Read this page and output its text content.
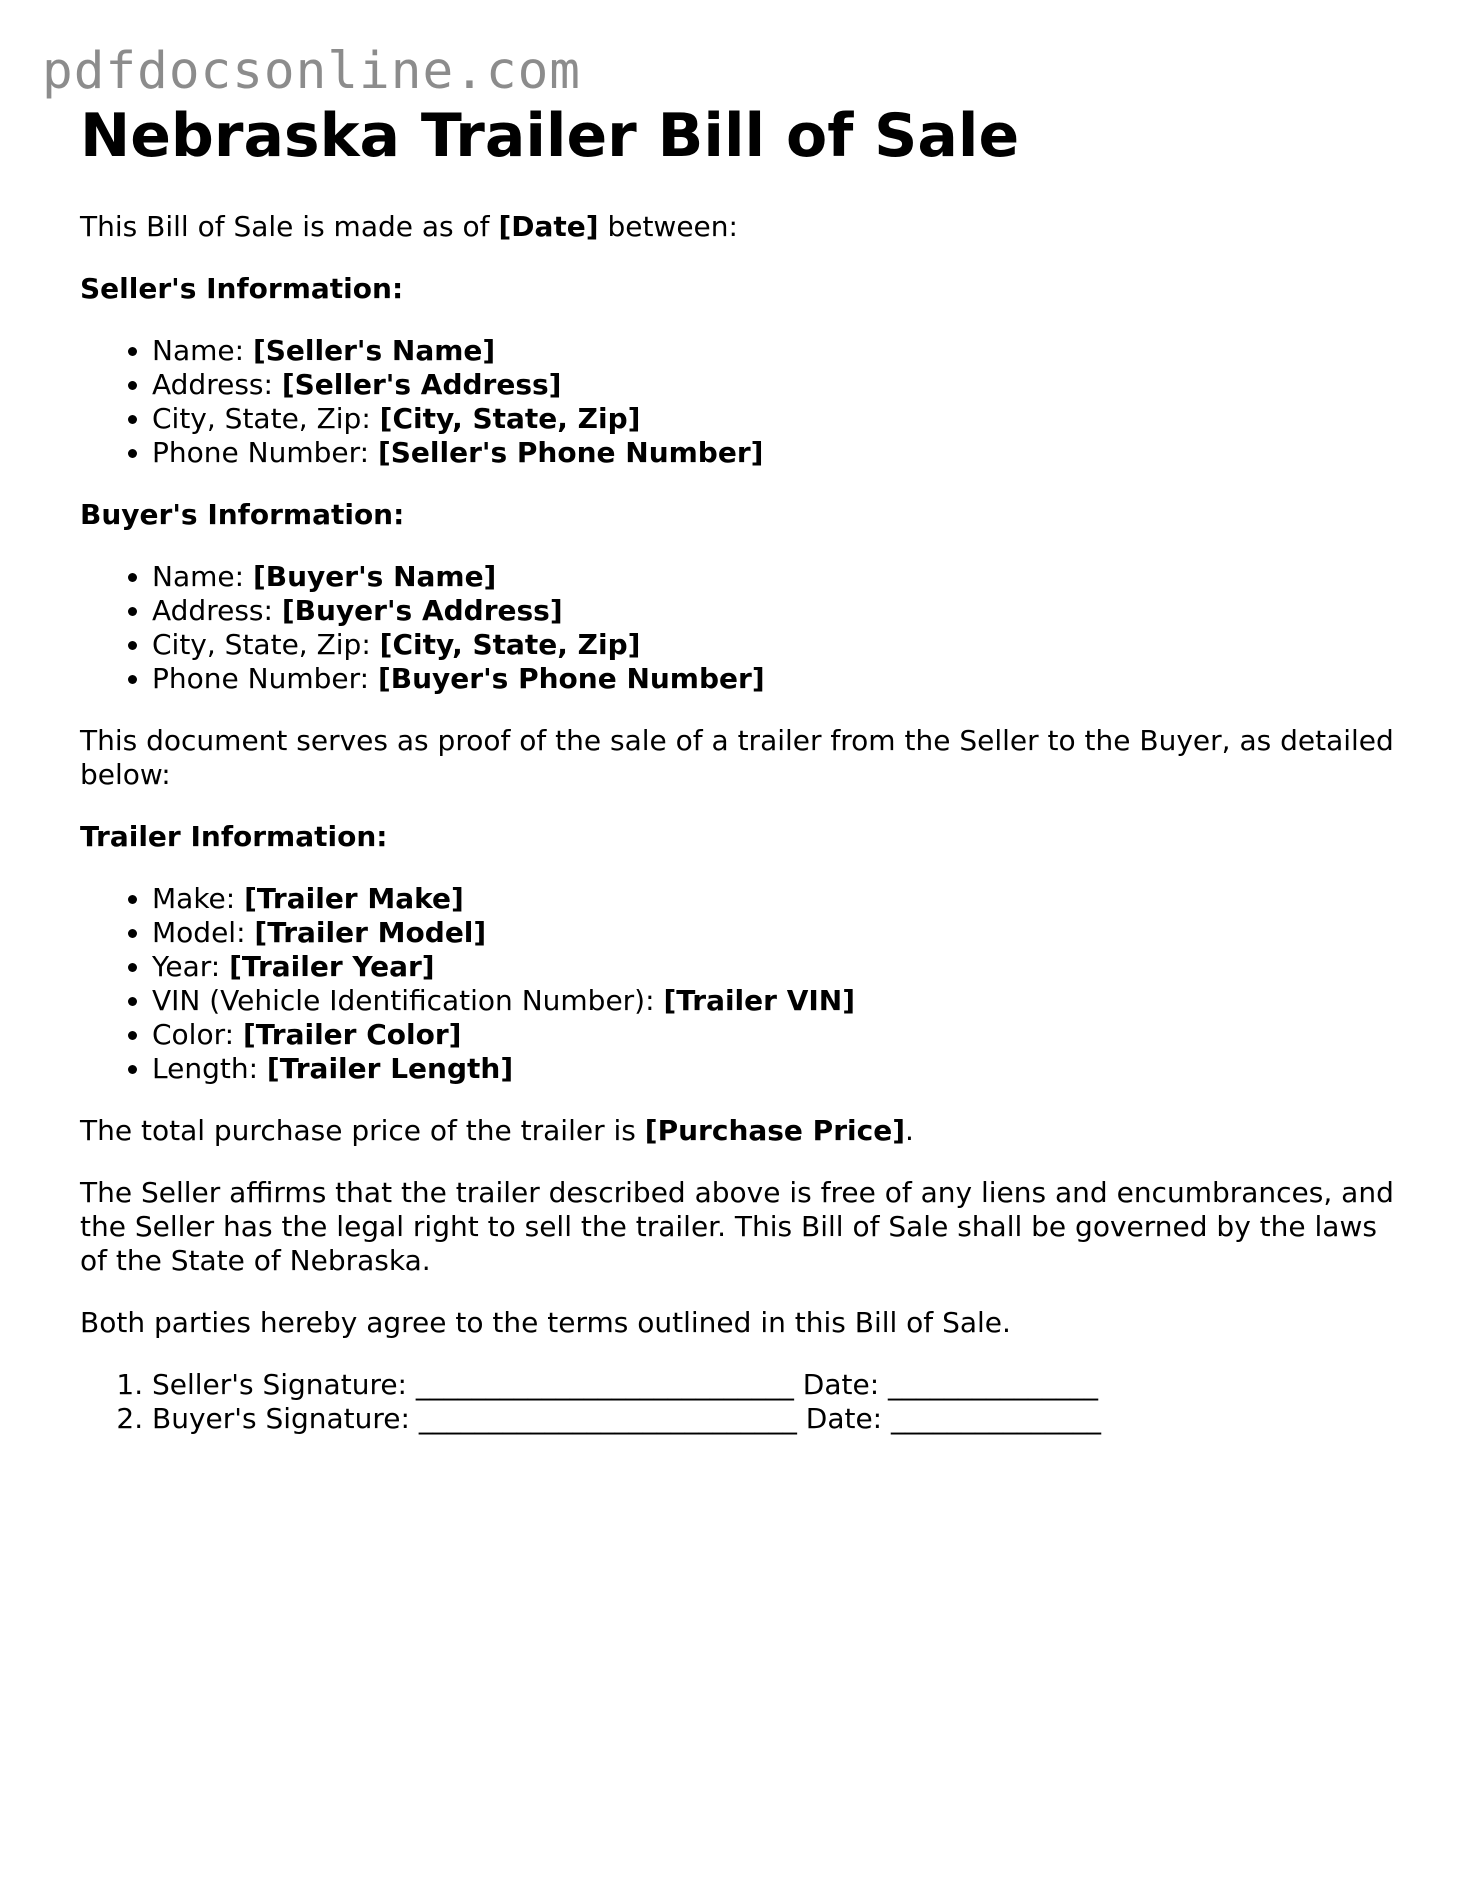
pdfdocsonline.com
Nebraska Trailer Bill of Sale

This Bill of Sale is made as of [Date] between:

Seller's Information:

• Name: [Seller's Name]
• Address: [Seller's Address]
• City, State, Zip: [City, State, Zip]
• Phone Number: [Seller's Phone Number]

Buyer's Information:

• Name: [Buyer's Name]
• Address: [Buyer's Address]
• City, State, Zip: [City, State, Zip]
• Phone Number: [Buyer's Phone Number]

This document serves as proof of the sale of a trailer from the Seller to the Buyer, as detailed below:

Trailer Information:

• Make: [Trailer Make]
• Model: [Trailer Model]
• Year: [Trailer Year]
• VIN (Vehicle Identification Number): [Trailer VIN]
• Color: [Trailer Color]
• Length: [Trailer Length]

The total purchase price of the trailer is [Purchase Price].

The Seller affirms that the trailer described above is free of any liens and encumbrances, and the Seller has the legal right to sell the trailer. This Bill of Sale shall be governed by the laws of the State of Nebraska.

Both parties hereby agree to the terms outlined in this Bill of Sale.

1. Seller's Signature: ___________________________ Date: _______________
2. Buyer's Signature: ___________________________ Date: _______________
